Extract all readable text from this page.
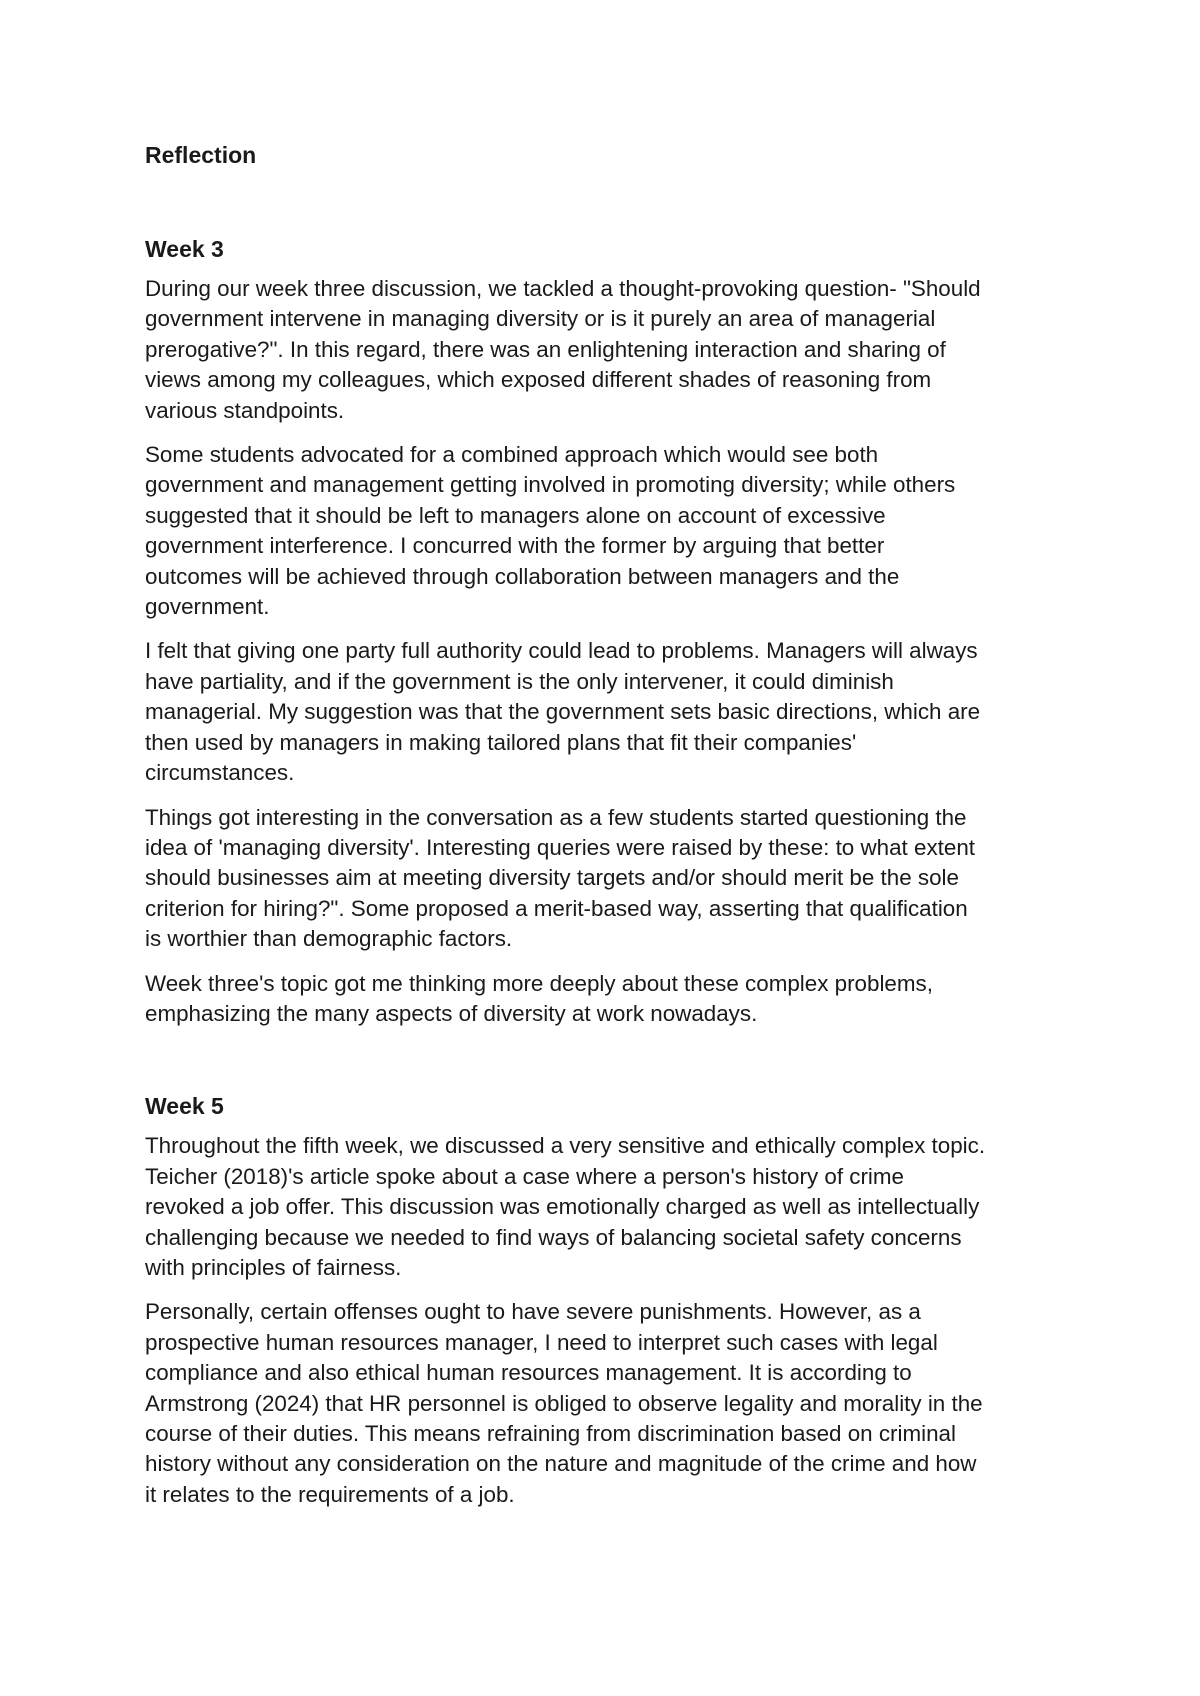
Reflection
Week 3

During our week three discussion, we tackled a thought-provoking question- "Should
government intervene in managing diversity or is it purely an area of managerial
prerogative?". In this regard, there was an enlightening interaction and sharing of
views among my colleagues, which exposed different shades of reasoning from
various standpoints.

Some students advocated for a combined approach which would see both
government and management getting involved in promoting diversity; while others
suggested that it should be left to managers alone on account of excessive
government interference. I concurred with the former by arguing that better
outcomes will be achieved through collaboration between managers and the
government.

I felt that giving one party full authority could lead to problems. Managers will always
have partiality, and if the government is the only intervener, it could diminish
managerial. My suggestion was that the government sets basic directions, which are
then used by managers in making tailored plans that fit their companies'
circumstances.

Things got interesting in the conversation as a few students started questioning the
idea of 'managing diversity'. Interesting queries were raised by these: to what extent
should businesses aim at meeting diversity targets and/or should merit be the sole
criterion for hiring?". Some proposed a merit-based way, asserting that qualification
is worthier than demographic factors.

Week three's topic got me thinking more deeply about these complex problems,
emphasizing the many aspects of diversity at work nowadays.

Week 5

Throughout the fifth week, we discussed a very sensitive and ethically complex topic.
Teicher (2018)'s article spoke about a case where a person's history of crime
revoked a job offer. This discussion was emotionally charged as well as intellectually
challenging because we needed to find ways of balancing societal safety concerns
with principles of fairness.

Personally, certain offenses ought to have severe punishments. However, as a
prospective human resources manager, I need to interpret such cases with legal
compliance and also ethical human resources management. It is according to
Armstrong (2024) that HR personnel is obliged to observe legality and morality in the
course of their duties. This means refraining from discrimination based on criminal
history without any consideration on the nature and magnitude of the crime and how
it relates to the requirements of a job.
